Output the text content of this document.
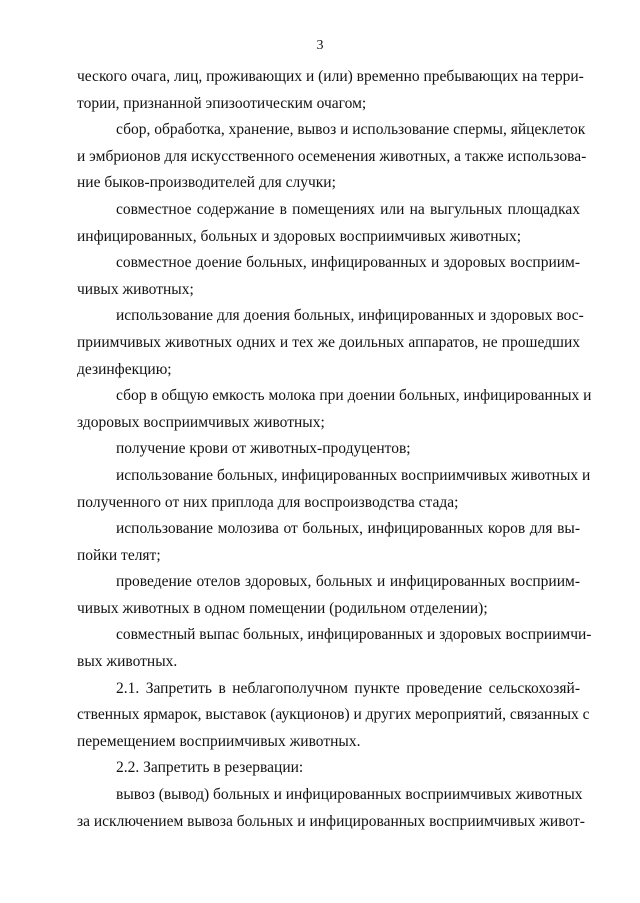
3

ческого очага, лиц, проживающих и (или) временно пребывающих на терри-
тории, признанной эпизоотическим очагом;

сбор, обработка, хранение, вывоз и использование спермы, яйцеклеток
и эмбрионов для искусственного осеменения животных, а также использова-
ние быков-производителей для случки;

совместное содержание в помещениях или на выгульных площадках
инфицированных, больных и здоровых восприимчивых животных;

совместное доение больных, инфицированных и здоровых восприим-
чивых животных;

использование для доения больных, инфицированных и здоровых вос-
приимчивых животных одних и тех же доильных аппаратов, не прошедших
дезинфекцию;

сбор в общую емкость молока при доении больных, инфицированных и
здоровых восприимчивых животных;

получение крови от животных-продуцентов;

использование больных, инфицированных восприимчивых животных и
полученного от них приплода для воспроизводства стада;

использование молозива от больных, инфицированных коров для вы-
пойки телят;

проведение отелов здоровых, больных и инфицированных восприим-
чивых животных в одном помещении (родильном отделении);

совместный выпас больных, инфицированных и здоровых восприимчи-
вых животных.

2.1. Запретить в неблагополучном пункте проведение сельскохозяй-
ственных ярмарок, выставок (аукционов) и других мероприятий, связанных с
перемещением восприимчивых животных.

2.2. Запретить в резервации:

вывоз (вывод) больных и инфицированных восприимчивых животных
за исключением вывоза больных и инфицированных восприимчивых живот-
